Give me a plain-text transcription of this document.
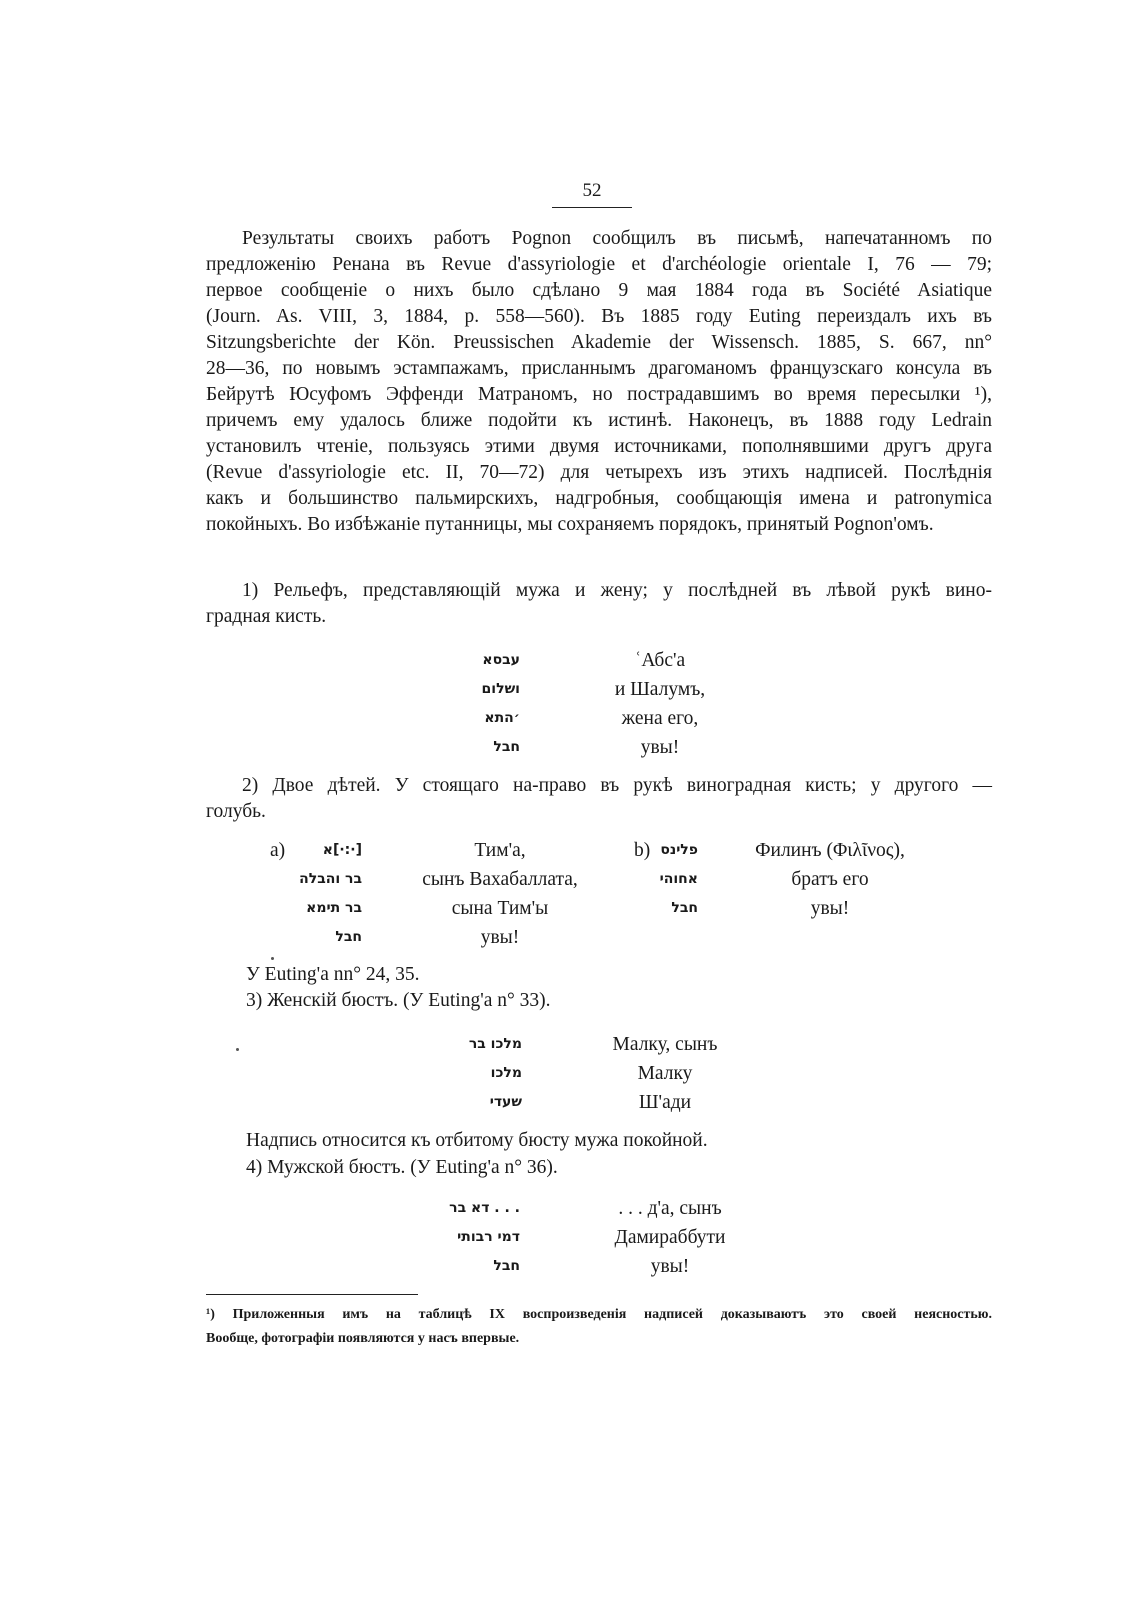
52
Результаты своихъ работъ Pognon сообщилъ въ письмѣ, напечатанномъ по
предложенію Ренана въ Revue d'assyriologie et d'archéologie orientale I, 76 — 79;
первое сообщеніе о нихъ было сдѣлано 9 мая 1884 года въ Société Asiatique
(Journ. As. VIII, 3, 1884, p. 558—560). Въ 1885 году Euting переиздалъ ихъ въ
Sitzungsberichte der Kön. Preussischen Akademie der Wissensch. 1885, S. 667, nn°
28—36, по новымъ эстампажамъ, присланнымъ драгоманомъ французскаго консула въ
Бейрутѣ Юсуфомъ Эффенди Матраномъ, но пострадавшимъ во время пересылки ¹),
причемъ ему удалось ближе подойти къ истинѣ. Наконецъ, въ 1888 году Ledrain
установилъ чтеніе, пользуясь этими двумя источниками, пополнявшими другъ друга
(Revue d'assyriologie etc. II, 70—72) для четырехъ изъ этихъ надписей. Послѣднія
какъ и большинство пальмирскихъ, надгробныя, сообщающія имена и patronymica
покойныхъ. Во избѣжаніе путанницы, мы сохраняемъ порядокъ, принятый Pognon'омъ.
1) Рельефъ, представляющій мужа и жену; у послѣдней въ лѣвой рукѣ вино-
градная кисть.
עבסא
ושלום
׳התא
חבל
ʿАбс'а
и Шалумъ,
жена его,
увы!
2) Двое дѣтей. У стоящаго на-право въ рукѣ виноградная кисть; у другого —
голубь.
a)	[·:·]א
בר והבלה
בר תימא
חבל
Тим'а,
сынъ Вахабаллата,
сына Тим'ы
увы!
b) פלינס
אחוהי
חבל
Филинъ (Φιλῖνος),
братъ его
увы!
У Euting'a nn° 24, 35.
3) Женскій бюстъ. (У Euting'a n° 33).
מלכו בר
מלכו
שעדי
Малку, сынъ
Малку
Ш'ади
Надпись относится къ отбитому бюсту мужа покойной.
4) Мужской бюстъ. (У Euting'a n° 36).
. . . דא בר
דמי רבותי
חבל
. . . д'а, сынъ
Дамираббути
увы!
¹) Приложенныя имъ на таблицѣ IX воспроизведенія надписей доказываютъ это своей неясностью.
Вообще, фотографіи появляются у насъ впервые.
